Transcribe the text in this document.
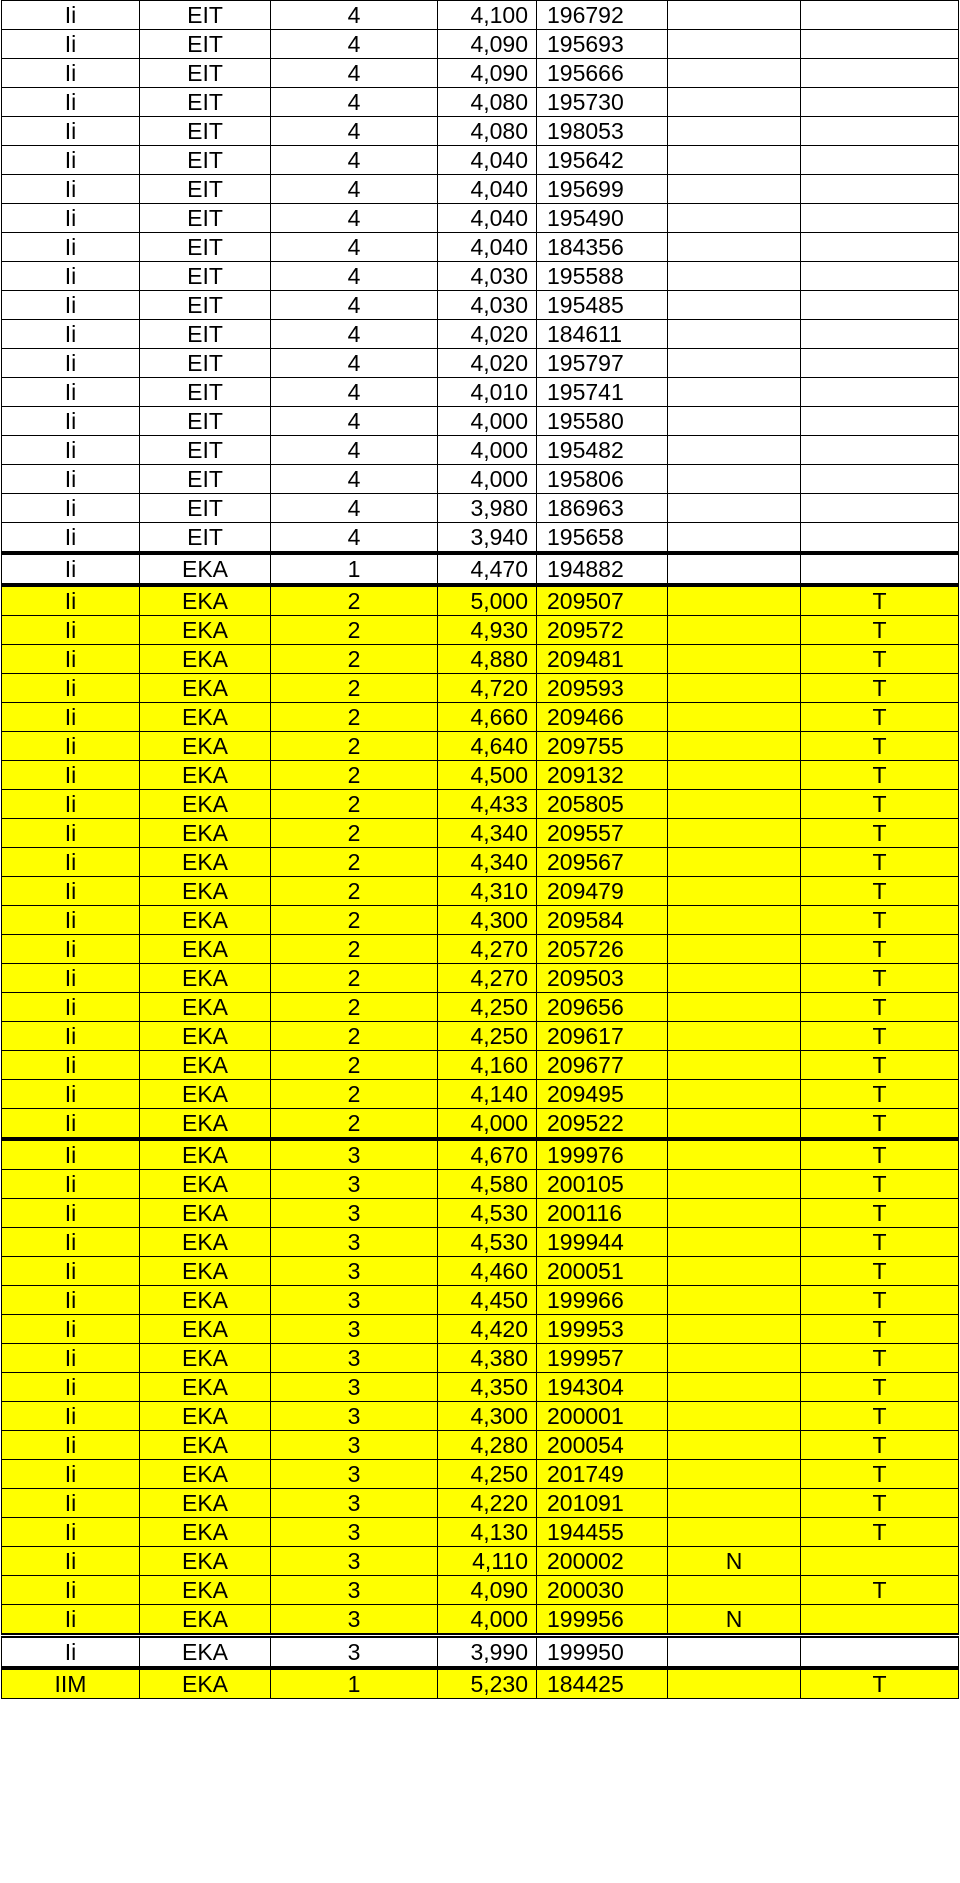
Ii	EIT	4	4,100	196792		
Ii	EIT	4	4,090	195693		
Ii	EIT	4	4,090	195666		
Ii	EIT	4	4,080	195730		
Ii	EIT	4	4,080	198053		
Ii	EIT	4	4,040	195642		
Ii	EIT	4	4,040	195699		
Ii	EIT	4	4,040	195490		
Ii	EIT	4	4,040	184356		
Ii	EIT	4	4,030	195588		
Ii	EIT	4	4,030	195485		
Ii	EIT	4	4,020	184611		
Ii	EIT	4	4,020	195797		
Ii	EIT	4	4,010	195741		
Ii	EIT	4	4,000	195580		
Ii	EIT	4	4,000	195482		
Ii	EIT	4	4,000	195806		
Ii	EIT	4	3,980	186963		
Ii	EIT	4	3,940	195658		
Ii	EKA	1	4,470	194882		
Ii	EKA	2	5,000	209507		T
Ii	EKA	2	4,930	209572		T
Ii	EKA	2	4,880	209481		T
Ii	EKA	2	4,720	209593		T
Ii	EKA	2	4,660	209466		T
Ii	EKA	2	4,640	209755		T
Ii	EKA	2	4,500	209132		T
Ii	EKA	2	4,433	205805		T
Ii	EKA	2	4,340	209557		T
Ii	EKA	2	4,340	209567		T
Ii	EKA	2	4,310	209479		T
Ii	EKA	2	4,300	209584		T
Ii	EKA	2	4,270	205726		T
Ii	EKA	2	4,270	209503		T
Ii	EKA	2	4,250	209656		T
Ii	EKA	2	4,250	209617		T
Ii	EKA	2	4,160	209677		T
Ii	EKA	2	4,140	209495		T
Ii	EKA	2	4,000	209522		T
Ii	EKA	3	4,670	199976		T
Ii	EKA	3	4,580	200105		T
Ii	EKA	3	4,530	200116		T
Ii	EKA	3	4,530	199944		T
Ii	EKA	3	4,460	200051		T
Ii	EKA	3	4,450	199966		T
Ii	EKA	3	4,420	199953		T
Ii	EKA	3	4,380	199957		T
Ii	EKA	3	4,350	194304		T
Ii	EKA	3	4,300	200001		T
Ii	EKA	3	4,280	200054		T
Ii	EKA	3	4,250	201749		T
Ii	EKA	3	4,220	201091		T
Ii	EKA	3	4,130	194455		T
Ii	EKA	3	4,110	200002	N	
Ii	EKA	3	4,090	200030		T
Ii	EKA	3	4,000	199956	N	
Ii	EKA	3	3,990	199950		
IIM	EKA	1	5,230	184425		T
